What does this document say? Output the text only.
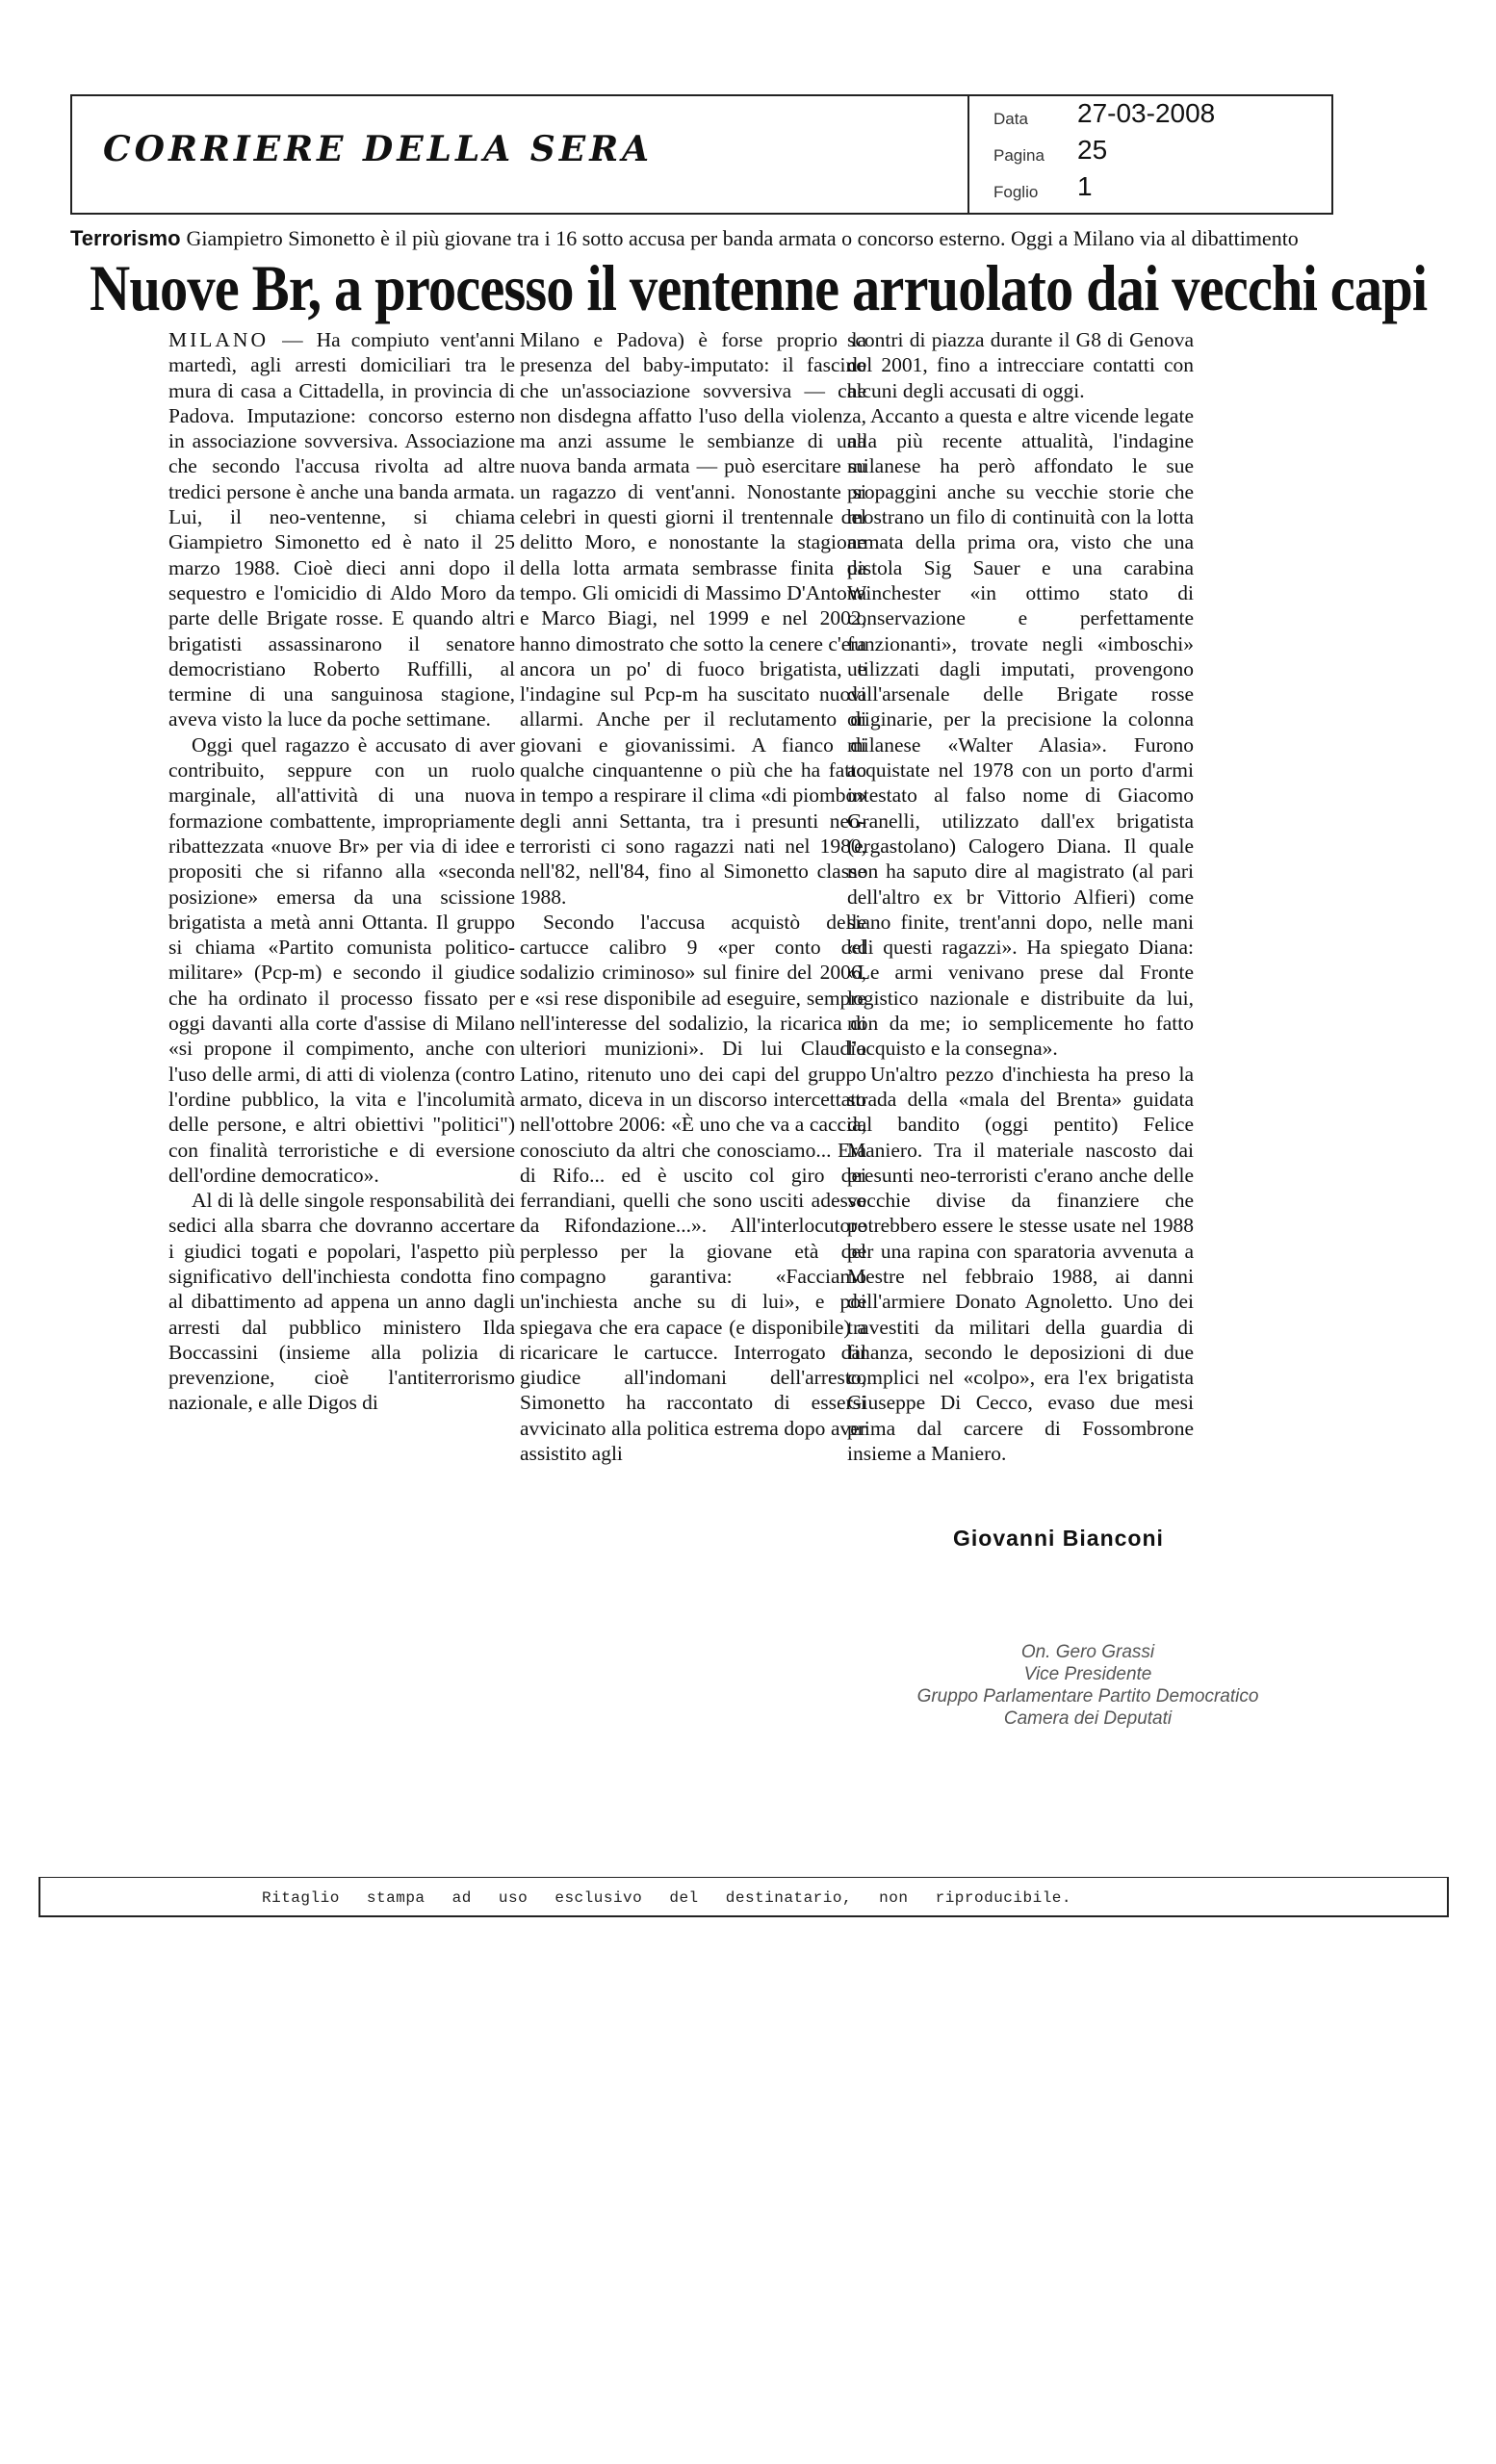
CORRIERE DELLA SERA
Data 27-03-2008
Pagina 25
Foglio 1
Terrorismo Giampietro Simonetto è il più giovane tra i 16 sotto accusa per banda armata o concorso esterno. Oggi a Milano via al dibattimento
Nuove Br, a processo il ventenne arruolato dai vecchi capi

MILANO — Ha compiuto vent'anni martedì, agli arresti domiciliari tra le mura di casa a Cittadella, in provincia di Padova. Imputazione: concorso esterno in associazione sovversiva. Associazione che secondo l'accusa rivolta ad altre tredici persone è anche una banda armata. Lui, il neo-ventenne, si chiama Giampietro Simonetto ed è nato il 25 marzo 1988. Cioè dieci anni dopo il sequestro e l'omicidio di Aldo Moro da parte delle Brigate rosse. E quando altri brigatisti assassinarono il senatore democristiano Roberto Ruffilli, al termine di una sanguinosa stagione, aveva visto la luce da poche settimane.

Oggi quel ragazzo è accusato di aver contribuito, seppure con un ruolo marginale, all'attività di una nuova formazione combattente, impropriamente ribattezzata «nuove Br» per via di idee e propositi che si rifanno alla «seconda posizione» emersa da una scissione brigatista a metà anni Ottanta. Il gruppo si chiama «Partito comunista politico-militare» (Pcp-m) e secondo il giudice che ha ordinato il processo fissato per oggi davanti alla corte d'assise di Milano «si propone il compimento, anche con l'uso delle armi, di atti di violenza (contro l'ordine pubblico, la vita e l'incolumità delle persone, e altri obiettivi "politici") con finalità terroristiche e di eversione dell'ordine democratico».

Al di là delle singole responsabilità dei sedici alla sbarra che dovranno accertare i giudici togati e popolari, l'aspetto più significativo dell'inchiesta condotta fino al dibattimento ad appena un anno dagli arresti dal pubblico ministero Ilda Boccassini (insieme alla polizia di prevenzione, cioè l'antiterrorismo nazionale, e alle Digos di

Milano e Padova) è forse proprio la presenza del baby-imputato: il fascino che un'associazione sovversiva — che non disdegna affatto l'uso della violenza, ma anzi assume le sembianze di una nuova banda armata — può esercitare su un ragazzo di vent'anni. Nonostante si celebri in questi giorni il trentennale del delitto Moro, e nonostante la stagione della lotta armata sembrasse finita da tempo. Gli omicidi di Massimo D'Antona e Marco Biagi, nel 1999 e nel 2002, hanno dimostrato che sotto la cenere c'era ancora un po' di fuoco brigatista, e l'indagine sul Pcp-m ha suscitato nuovi allarmi. Anche per il reclutamento di giovani e giovanissimi. A fianco di qualche cinquantenne o più che ha fatto in tempo a respirare il clima «di piombo» degli anni Settanta, tra i presunti neo-terroristi ci sono ragazzi nati nel 1980, nell'82, nell'84, fino al Simonetto classe 1988.

Secondo l'accusa acquistò delle cartucce calibro 9 «per conto del sodalizio criminoso» sul finire del 2006, e «si rese disponibile ad eseguire, sempre nell'interesse del sodalizio, la ricarica di ulteriori munizioni». Di lui Claudio Latino, ritenuto uno dei capi del gruppo armato, diceva in un discorso intercettato nell'ottobre 2006: «È uno che va a caccia, conosciuto da altri che conosciamo... Era di Rifo... ed è uscito col giro dei ferrandiani, quelli che sono usciti adesso da Rifondazione...». All'interlocutore perplesso per la giovane età del compagno garantiva: «Facciamo un'inchiesta anche su di lui», e poi spiegava che era capace (e disponibile) a ricaricare le cartucce. Interrogato dal giudice all'indomani dell'arresto, Simonetto ha raccontato di essersi avvicinato alla politica estrema dopo aver assistito agli

scontri di piazza durante il G8 di Genova del 2001, fino a intrecciare contatti con alcuni degli accusati di oggi.

Accanto a questa e altre vicende legate alla più recente attualità, l'indagine milanese ha però affondato le sue propaggini anche su vecchie storie che mostrano un filo di continuità con la lotta armata della prima ora, visto che una pistola Sig Sauer e una carabina Winchester «in ottimo stato di conservazione e perfettamente funzionanti», trovate negli «imboschi» utilizzati dagli imputati, provengono dall'arsenale delle Brigate rosse originarie, per la precisione la colonna milanese «Walter Alasia». Furono acquistate nel 1978 con un porto d'armi intestato al falso nome di Giacomo Granelli, utilizzato dall'ex brigatista (ergastolano) Calogero Diana. Il quale non ha saputo dire al magistrato (al pari dell'altro ex br Vittorio Alfieri) come siano finite, trent'anni dopo, nelle mani «di questi ragazzi». Ha spiegato Diana: «Le armi venivano prese dal Fronte logistico nazionale e distribuite da lui, non da me; io semplicemente ho fatto l'acquisto e la consegna».

Un'altro pezzo d'inchiesta ha preso la strada della «mala del Brenta» guidata dal bandito (oggi pentito) Felice Maniero. Tra il materiale nascosto dai presunti neo-terroristi c'erano anche delle vecchie divise da finanziere che potrebbero essere le stesse usate nel 1988 per una rapina con sparatoria avvenuta a Mestre nel febbraio 1988, ai danni dell'armiere Donato Agnoletto. Uno dei travestiti da militari della guardia di finanza, secondo le deposizioni di due complici nel «colpo», era l'ex brigatista Giuseppe Di Cecco, evaso due mesi prima dal carcere di Fossombrone insieme a Maniero.

Giovanni Bianconi
On. Gero Grassi
Vice Presidente
Gruppo Parlamentare Partito Democratico
Camera dei Deputati
Ritaglio stampa ad uso esclusivo del destinatario, non riproducibile.
